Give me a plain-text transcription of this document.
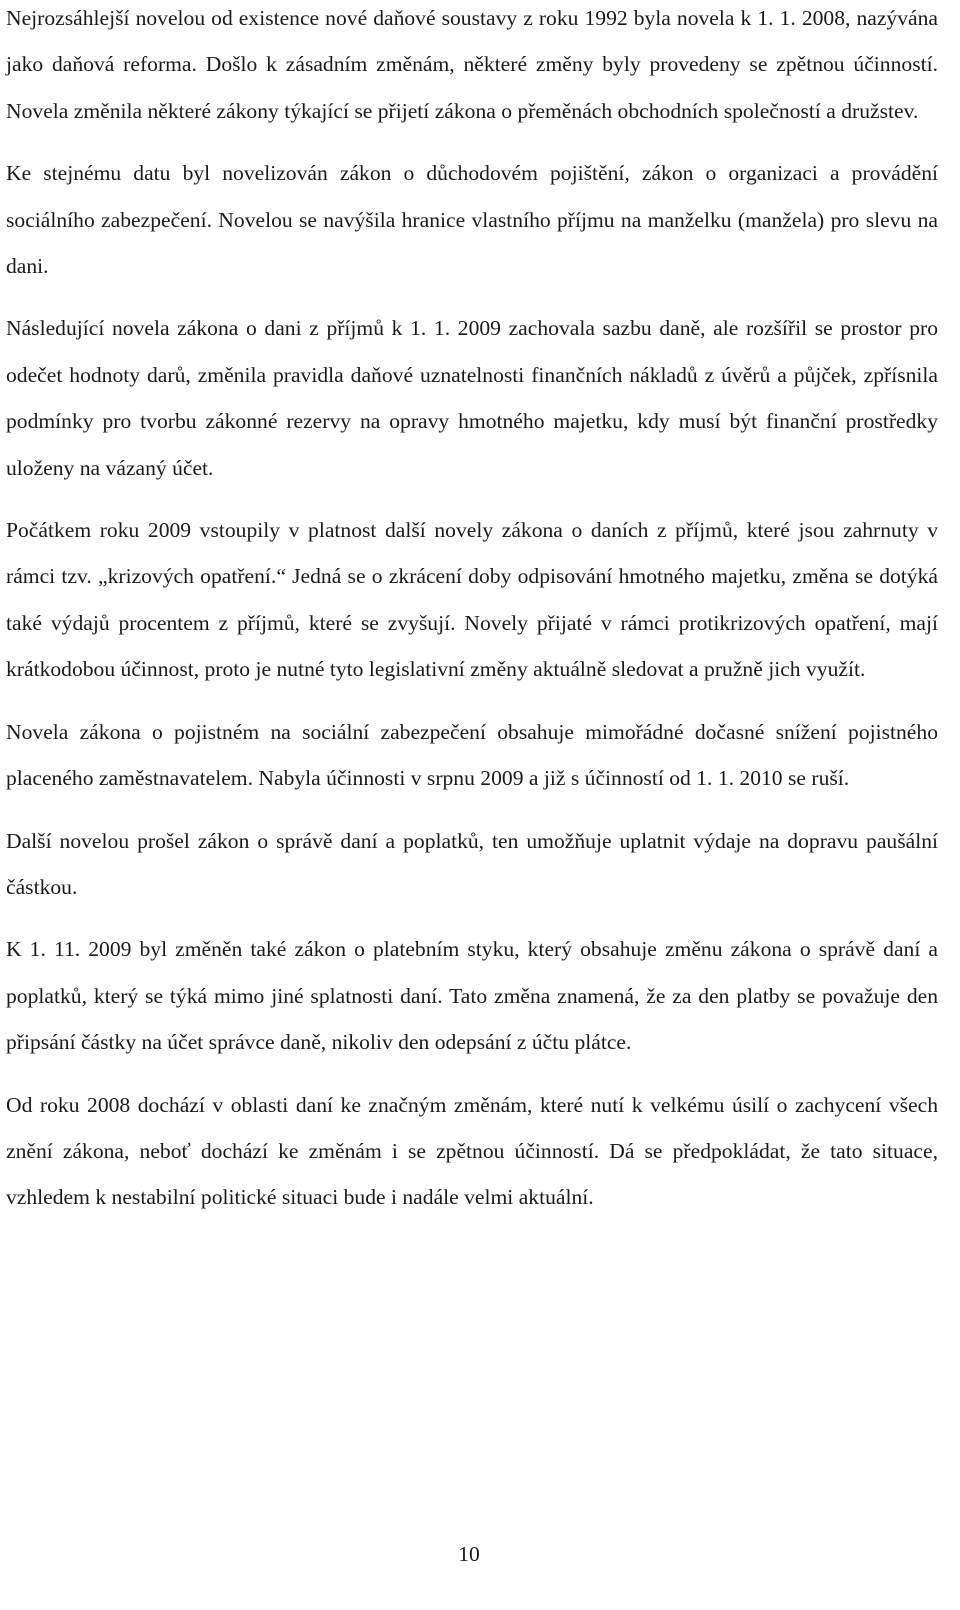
Nejrozsáhlejší novelou od existence nové daňové soustavy z roku 1992 byla novela k 1. 1. 2008, nazývána jako daňová reforma. Došlo k zásadním změnám, některé změny byly provedeny se zpětnou účinností. Novela změnila některé zákony týkající se přijetí zákona o přeměnách obchodních společností a družstev.

Ke stejnému datu byl novelizován zákon o důchodovém pojištění, zákon o organizaci a provádění sociálního zabezpečení. Novelou se navýšila hranice vlastního příjmu na manželku (manžela) pro slevu na dani.

Následující novela zákona o dani z příjmů k 1. 1. 2009 zachovala sazbu daně, ale rozšířil se prostor pro odečet hodnoty darů, změnila pravidla daňové uznatelnosti finančních nákladů z úvěrů a půjček, zpřísnila podmínky pro tvorbu zákonné rezervy na opravy hmotného majetku, kdy musí být finanční prostředky uloženy na vázaný účet.

Počátkem roku 2009 vstoupily v platnost další novely zákona o daních z příjmů, které jsou zahrnuty v rámci tzv. „krizových opatření.“ Jedná se o zkrácení doby odpisování hmotného majetku, změna se dotýká také výdajů procentem z příjmů, které se zvyšují. Novely přijaté v rámci protikrizových opatření, mají krátkodobou účinnost, proto je nutné tyto legislativní změny aktuálně sledovat a pružně jich využít.

Novela zákona o pojistném na sociální zabezpečení obsahuje mimořádné dočasné snížení pojistného placeného zaměstnavatelem. Nabyla účinnosti v srpnu 2009 a již s účinností od 1. 1. 2010 se ruší.

Další novelou prošel zákon o správě daní a poplatků, ten umožňuje uplatnit výdaje na dopravu paušální částkou.

K 1. 11. 2009 byl změněn také zákon o platebním styku, který obsahuje změnu zákona o správě daní a poplatků, který se týká mimo jiné splatnosti daní. Tato změna znamená, že za den platby se považuje den připsání částky na účet správce daně, nikoliv den odepsání z účtu plátce.

Od roku 2008 dochází v oblasti daní ke značným změnám, které nutí k velkému úsilí o zachycení všech znění zákona, neboť dochází ke změnám i se zpětnou účinností. Dá se předpokládat, že tato situace, vzhledem k nestabilní politické situaci bude i nadále velmi aktuální.

10
